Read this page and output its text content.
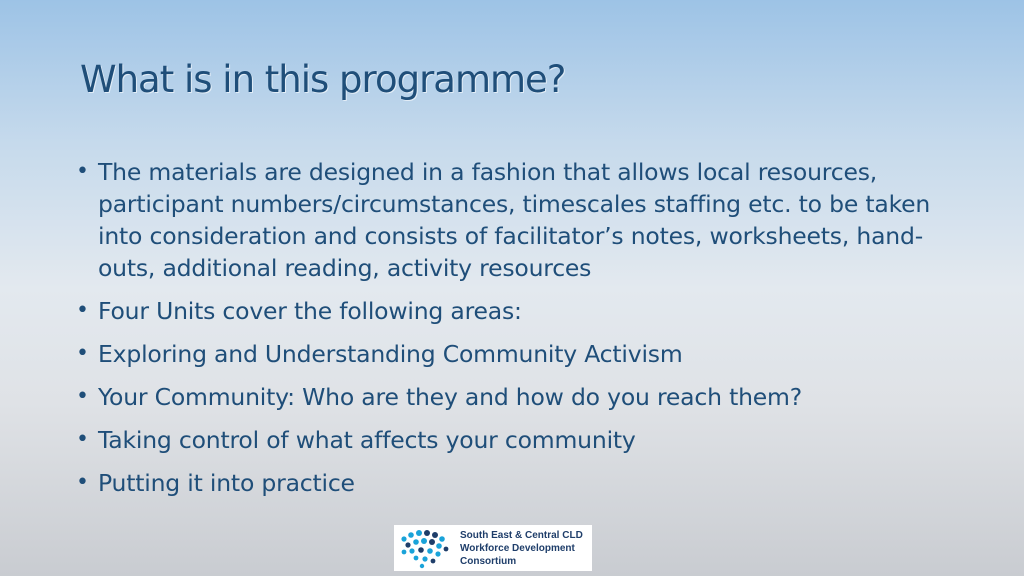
What is in this programme?
• The materials are designed in a fashion that allows local resources, participant numbers/circumstances, timescales staffing etc. to be taken into consideration and consists of facilitator’s notes, worksheets, hand-outs, additional reading, activity resources
• Four Units cover the following areas:
• Exploring and Understanding Community Activism
• Your Community: Who are they and how do you reach them?
• Taking control of what affects your community
• Putting it into practice
South East & Central CLD
Workforce Development
Consortium
